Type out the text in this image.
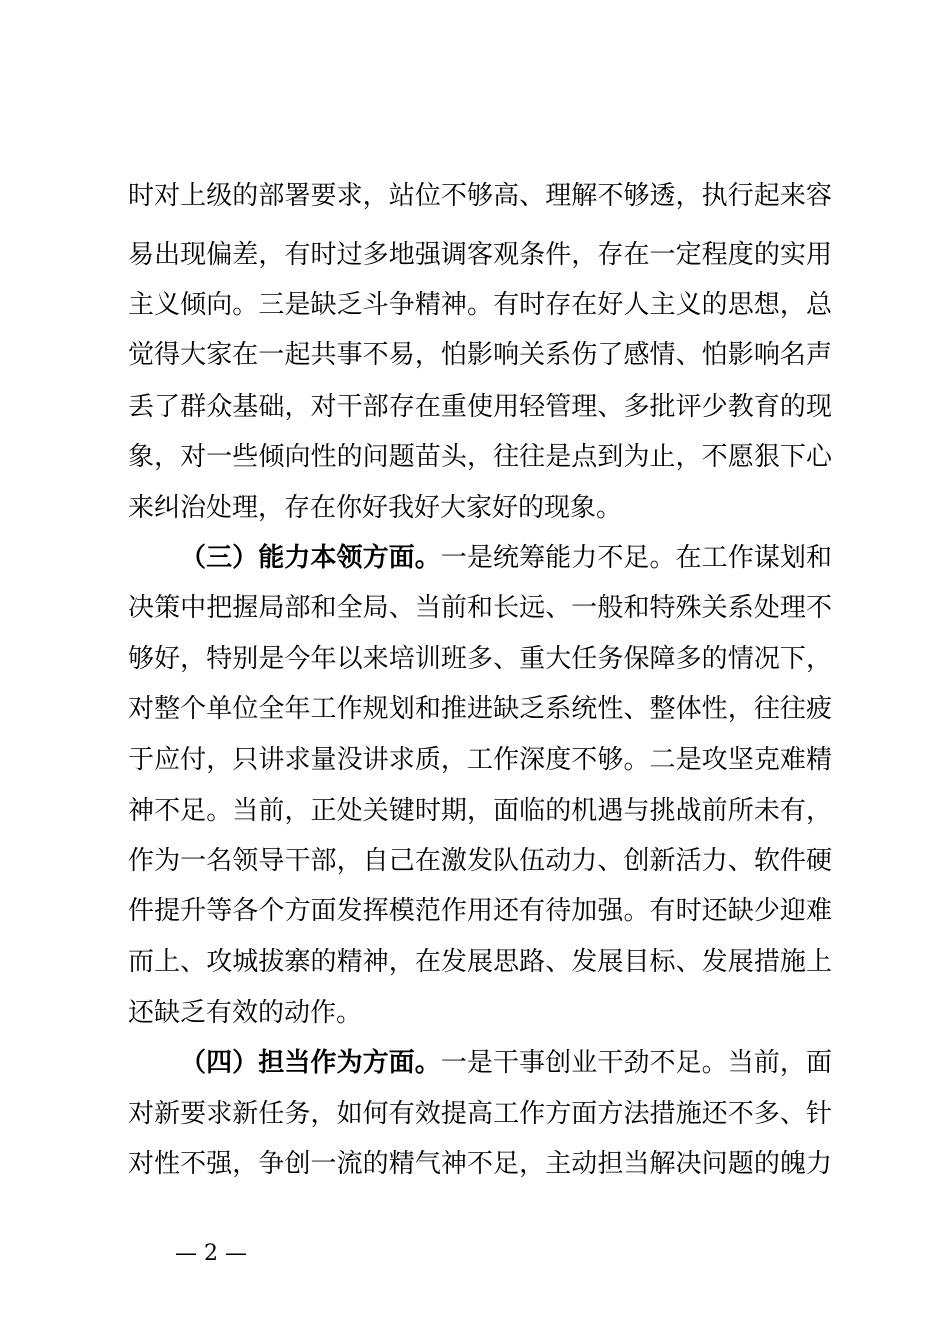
时对上级的部署要求，站位不够高、理解不够透，执行起来容
易出现偏差，有时过多地强调客观条件，存在一定程度的实用
主义倾向。三是缺乏斗争精神。有时存在好人主义的思想，总
觉得大家在一起共事不易，怕影响关系伤了感情、怕影响名声
丢了群众基础，对干部存在重使用轻管理、多批评少教育的现
象，对一些倾向性的问题苗头，往往是点到为止，不愿狠下心
来纠治处理，存在你好我好大家好的现象。
（三）能力本领方面。一是统筹能力不足。在工作谋划和
决策中把握局部和全局、当前和长远、一般和特殊关系处理不
够好，特别是今年以来培训班多、重大任务保障多的情况下，
对整个单位全年工作规划和推进缺乏系统性、整体性，往往疲
于应付，只讲求量没讲求质，工作深度不够。二是攻坚克难精
神不足。当前，正处关键时期，面临的机遇与挑战前所未有，
作为一名领导干部，自己在激发队伍动力、创新活力、软件硬
件提升等各个方面发挥模范作用还有待加强。有时还缺少迎难
而上、攻城拔寨的精神，在发展思路、发展目标、发展措施上
还缺乏有效的动作。
（四）担当作为方面。一是干事创业干劲不足。当前，面
对新要求新任务，如何有效提高工作方面方法措施还不多、针
对性不强，争创一流的精气神不足，主动担当解决问题的魄力
— 2 —
